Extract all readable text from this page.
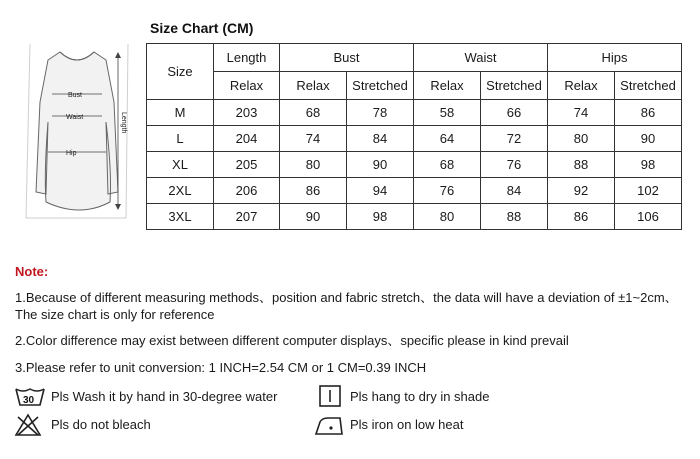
Bust
Waist
Hip
Length
Size Chart (CM)
Size	Length	Bust		Waist		Hips	
	Relax	Relax	Stretched	Relax	Stretched	Relax	Stretched
M	203	68	78	58	66	74	86
L	204	74	84	64	72	80	90
XL	205	80	90	68	76	88	98
2XL	206	86	94	76	84	92	102
3XL	207	90	98	80	88	86	106
Note:
1.Because of different measuring methods、position and fabric stretch、the data will have a deviation of ±1~2cm、
The size chart is only for reference
2.Color difference may exist between different computer displays、specific please in kind prevail
3.Please refer to unit conversion: 1 INCH=2.54 CM or 1 CM=0.39 INCH
30 Pls Wash it by hand in 30-degree water	Pls hang to dry in shade
Pls do not bleach	Pls iron on low heat
